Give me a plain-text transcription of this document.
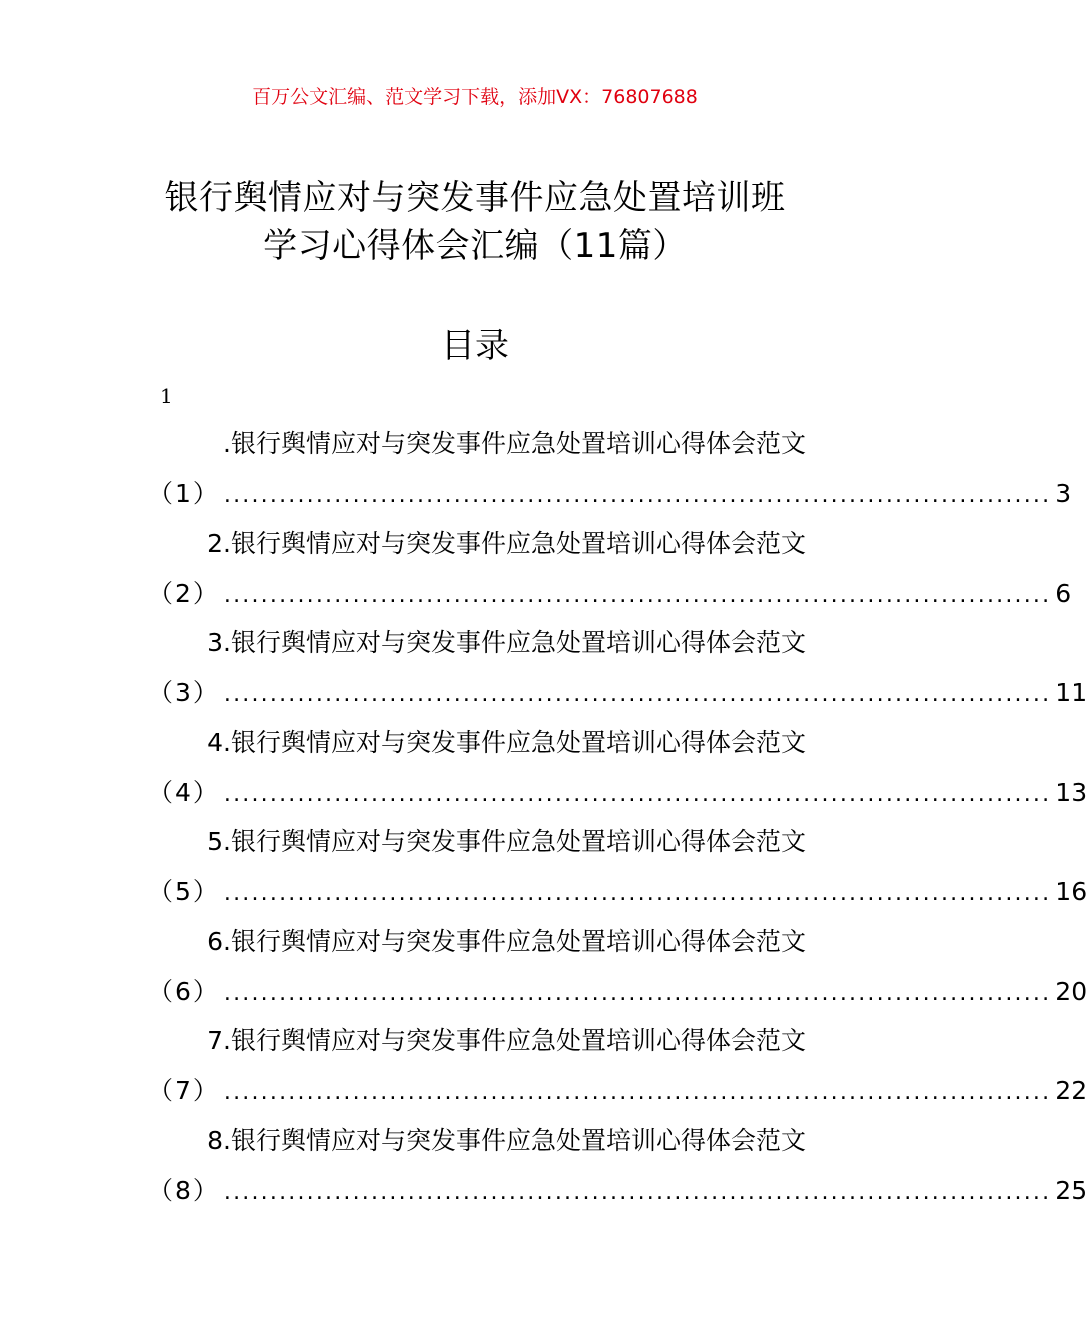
百万公文汇编、范文学习下载，添加VX：76807688
银行舆情应对与突发事件应急处置培训班
学习心得体会汇编（11篇）
目录
1
.银行舆情应对与突发事件应急处置培训心得体会范文
（1） .......................................................................................... 3
2.银行舆情应对与突发事件应急处置培训心得体会范文
（2） .......................................................................................... 6
3.银行舆情应对与突发事件应急处置培训心得体会范文
（3） .......................................................................................... 11
4.银行舆情应对与突发事件应急处置培训心得体会范文
（4） .......................................................................................... 13
5.银行舆情应对与突发事件应急处置培训心得体会范文
（5） .......................................................................................... 16
6.银行舆情应对与突发事件应急处置培训心得体会范文
（6） .......................................................................................... 20
7.银行舆情应对与突发事件应急处置培训心得体会范文
（7） .......................................................................................... 22
8.银行舆情应对与突发事件应急处置培训心得体会范文
（8） .......................................................................................... 25
